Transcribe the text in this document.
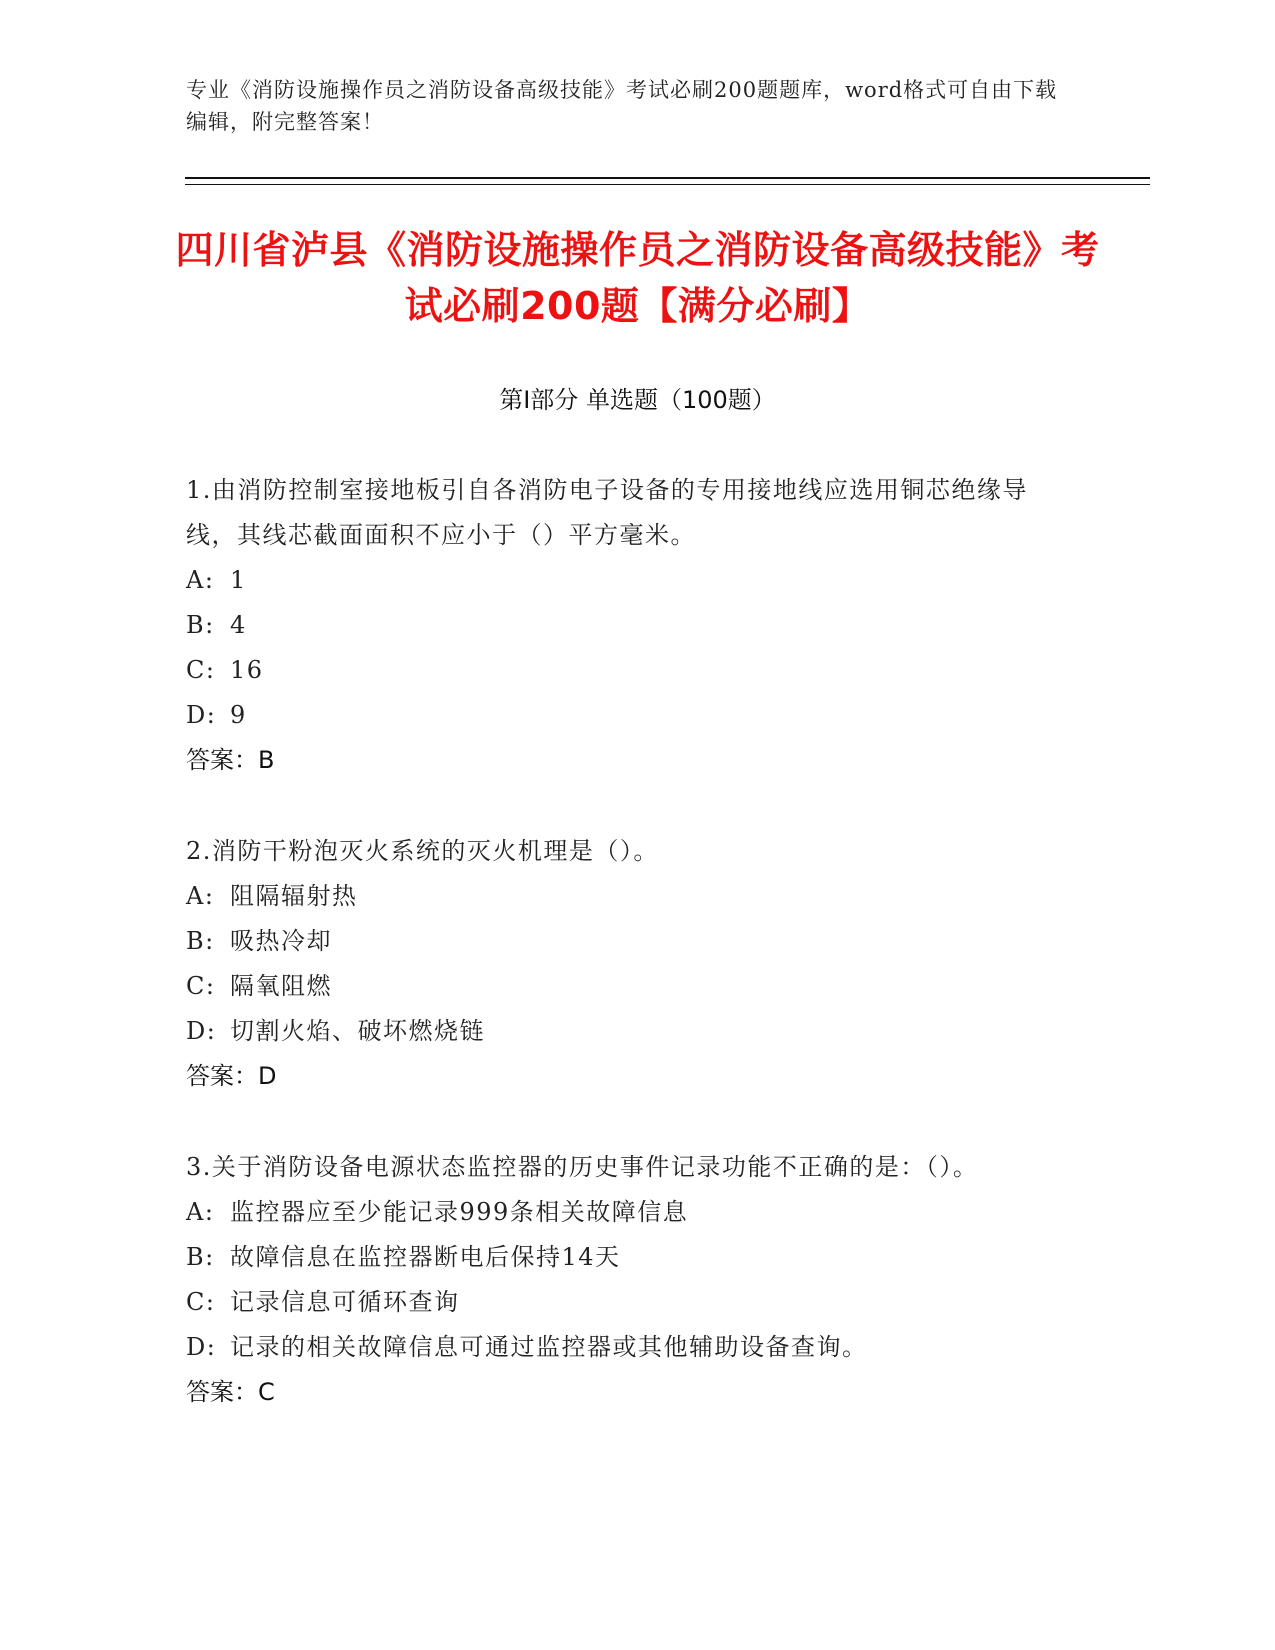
专业《消防设施操作员之消防设备高级技能》考试必刷200题题库，word格式可自由下载编辑，附完整答案！
四川省泸县《消防设施操作员之消防设备高级技能》考试必刷200题【满分必刷】
第Ⅰ部分 单选题（100题）
1.由消防控制室接地板引自各消防电子设备的专用接地线应选用铜芯绝缘导线，其线芯截面面积不应小于（）平方毫米。
A: 1
B: 4
C: 16
D: 9
答案：B
2.消防干粉泡灭火系统的灭火机理是（）。
A: 阻隔辐射热
B: 吸热冷却
C: 隔氧阻燃
D: 切割火焰、破坏燃烧链
答案：D
3.关于消防设备电源状态监控器的历史事件记录功能不正确的是：（）。
A: 监控器应至少能记录999条相关故障信息
B: 故障信息在监控器断电后保持14天
C: 记录信息可循环查询
D: 记录的相关故障信息可通过监控器或其他辅助设备查询。
答案：C
